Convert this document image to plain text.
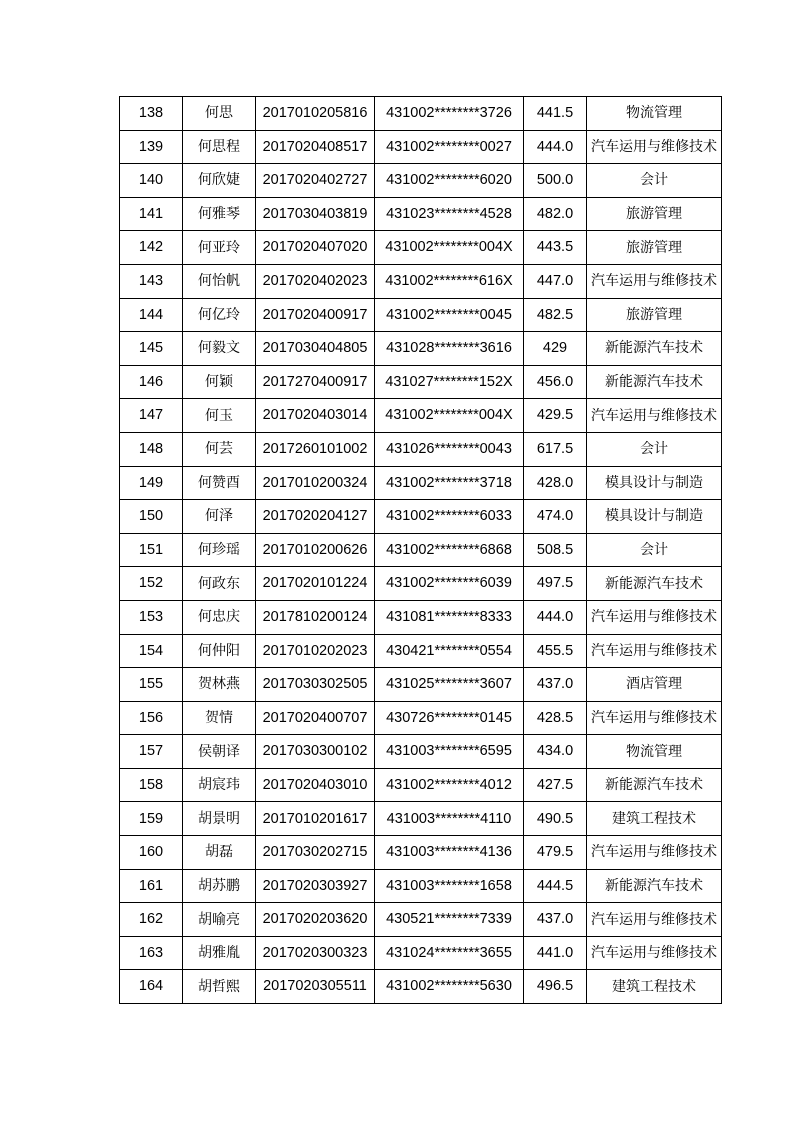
138	何思	2017010205816	431002********3726	441.5	物流管理
139	何思程	2017020408517	431002********0027	444.0	汽车运用与维修技术
140	何欣婕	2017020402727	431002********6020	500.0	会计
141	何雅琴	2017030403819	431023********4528	482.0	旅游管理
142	何亚玲	2017020407020	431002********004X	443.5	旅游管理
143	何怡帆	2017020402023	431002********616X	447.0	汽车运用与维修技术
144	何亿玲	2017020400917	431002********0045	482.5	旅游管理
145	何毅文	2017030404805	431028********3616	429	新能源汽车技术
146	何颖	2017270400917	431027********152X	456.0	新能源汽车技术
147	何玉	2017020403014	431002********004X	429.5	汽车运用与维修技术
148	何芸	2017260101002	431026********0043	617.5	会计
149	何赞酉	2017010200324	431002********3718	428.0	模具设计与制造
150	何泽	2017020204127	431002********6033	474.0	模具设计与制造
151	何珍瑶	2017010200626	431002********6868	508.5	会计
152	何政东	2017020101224	431002********6039	497.5	新能源汽车技术
153	何忠庆	2017810200124	431081********8333	444.0	汽车运用与维修技术
154	何仲阳	2017010202023	430421********0554	455.5	汽车运用与维修技术
155	贺林燕	2017030302505	431025********3607	437.0	酒店管理
156	贺情	2017020400707	430726********0145	428.5	汽车运用与维修技术
157	侯朝译	2017030300102	431003********6595	434.0	物流管理
158	胡宸玮	2017020403010	431002********4012	427.5	新能源汽车技术
159	胡景明	2017010201617	431003********4110	490.5	建筑工程技术
160	胡磊	2017030202715	431003********4136	479.5	汽车运用与维修技术
161	胡苏鹏	2017020303927	431003********1658	444.5	新能源汽车技术
162	胡喻亮	2017020203620	430521********7339	437.0	汽车运用与维修技术
163	胡雅胤	2017020300323	431024********3655	441.0	汽车运用与维修技术
164	胡哲熙	2017020305511	431002********5630	496.5	建筑工程技术
